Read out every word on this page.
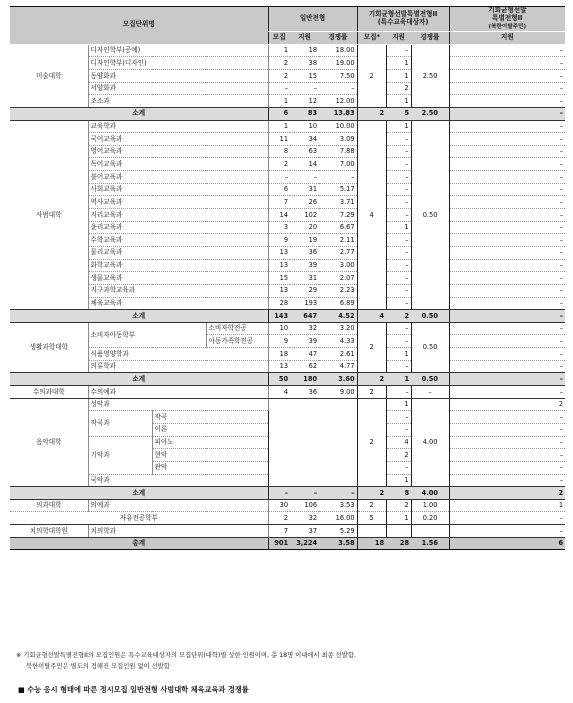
모집단위명				일반전형			기회균형선발특별전형II
(특수교육대상자)			기회균형선발
특별전형II
(북한이탈주민)
				모집	지원	경쟁률	모집*	지원	경쟁률	지원
미술대학	디자인학부(공예)			1	18	18.00	2	–	2.50	–
	디자인학부(디자인)			2	38	19.00		1		–
	동양화과			2	15	7.50		1		–
	서양화과			–	–	–		2		–
	조소과			1	12	12.00		1		–
소계				6	83	13.83	2	5	2.50	–
사범대학	교육학과			1	10	10.00	4	1	0.50	–
	국어교육과			11	34	3.09		–		–
	영어교육과			8	63	7.88		–		–
	독어교육과			2	14	7.00		–		–
	불어교육과			–	–	–		–		–
	사회교육과			6	31	5.17		–		–
	역사교육과			7	26	3.71		–		–
	지리교육과			14	102	7.29		–		–
	윤리교육과			3	20	6.67		1		–
	수학교육과			9	19	2.11		–		–
	물리교육과			13	36	2.77		–		–
	화학교육과			13	39	3.00		–		–
	생물교육과			15	31	2.07		–		–
	지구과학교육과			13	29	2.23		–		–
	체육교육과			28	193	6.89		–		–
소계				143	647	4.52	4	2	0.50	–
생활과학대학	소비자아동학부		소비자학전공	10	32	3.20	2	–	0.50	–
			아동가족학전공	9	39	4.33		–		–
	식품영양학과			18	47	2.61		1		–
	의류학과			13	62	4.77		–		–
소계				50	180	3.60	2	1	0.50	–
수의과대학	수의예과			4	36	9.00	2	–	–	–
음악대학	성악과						2	1	4.00	2
	작곡과	작곡						–		–
		이론						–		–
	기악과	피아노						4		–
		현악						2		–
		관악						–		–
	국악과							1		–
소계				–	–	–	2	8	4.00	2
의과대학	의예과			30	106	3.53	2	2	1.00	1
자유전공학부				2	32	16.00	5	1	0.20	–
치의학대학원	치의학과			7	37	5.29				–
총계				901	3,224	3.58	18	28	1.56	6
※ 기회균형선발특별전형II의 모집인원은 특수교육대상자의 모집단위(대학)별 상한 인원이며, 총 18명 이내에서 최종 선발함.
북한이탈주민은 별도의 정해진 모집인원 없이 선발함
■ 수능 응시 형태에 따른 정시모집 일반전형 사범대학 체육교육과 경쟁률
